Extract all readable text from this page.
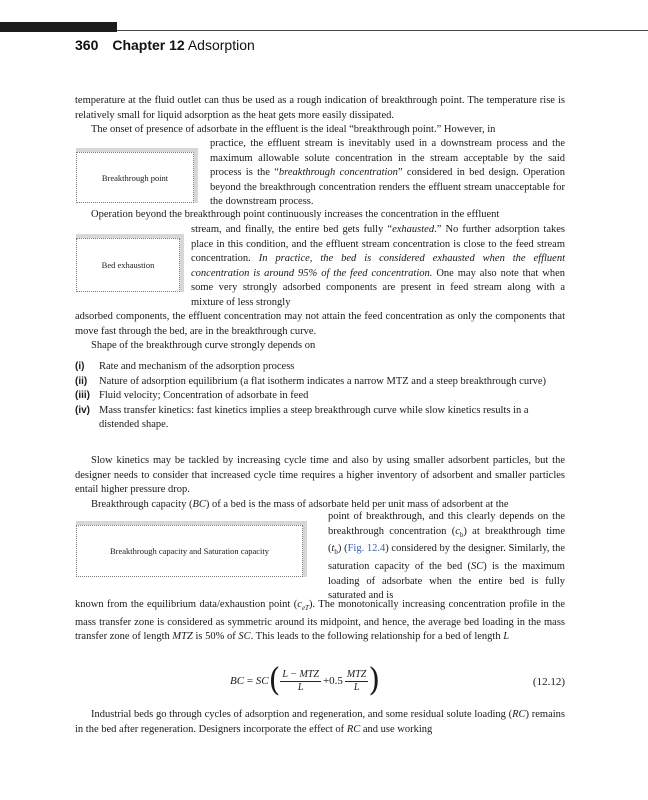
360 Chapter 12 Adsorption

temperature at the fluid outlet can thus be used as a rough indication of breakthrough point. The temperature rise is relatively small for liquid adsorption as the heat gets more easily dissipated.

The onset of presence of adsorbate in the effluent is the ideal “breakthrough point.” However, in

Breakthrough point
practice, the effluent stream is inevitably used in a downstream process and the maximum allowable solute concentration in the stream acceptable by the said process is the “breakthrough concentration” considered in bed design. Operation beyond the breakthrough concentration renders the effluent stream unacceptable for the downstream process.

Operation beyond the breakthrough point continuously increases the concentration in the effluent

Bed exhaustion
stream, and finally, the entire bed gets fully “exhausted.” No further adsorption takes place in this condition, and the effluent stream concentration is close to the feed stream concentration. In practice, the bed is considered exhausted when the effluent concentration is around 95% of the feed concentration. One may also note that when some very strongly adsorbed components are present in feed stream along with a mixture of less strongly

adsorbed components, the effluent concentration may not attain the feed concentration as only the components that move fast through the bed, are in the breakthrough curve.

Shape of the breakthrough curve strongly depends on

(i)	Rate and mechanism of the adsorption process
(ii)	Nature of adsorption equilibrium (a flat isotherm indicates a narrow MTZ and a steep breakthrough curve)
(iii) Fluid velocity; Concentration of adsorbate in feed
(iv) Mass transfer kinetics: fast kinetics implies a steep breakthrough curve while slow kinetics results in a distended shape.

Slow kinetics may be tackled by increasing cycle time and also by using smaller adsorbent particles, but the designer needs to consider that increased cycle time requires a higher inventory of adsorbent and smaller particles entail higher pressure drop.

Breakthrough capacity (BC) of a bed is the mass of adsorbate held per unit mass of adsorbent at the

Breakthrough capacity and Saturation capacity
point of breakthrough, and this clearly depends on the breakthrough concentration $(c_b)$ at breakthrough time $(t_b)$ (Fig. 12.4) considered by the designer. Similarly, the saturation capacity of the bed (SC) is the maximum loading of adsorbate when the entire bed is fully saturated and is
known from the equilibrium data/exhaustion point $(c_{eT})$. The monotonically increasing concentration profile in the mass transfer zone is considered as symmetric around its midpoint, and hence, the average bed loading in the mass transfer zone of length MTZ is 50% of SC. This leads to the following relationship for a bed of length L
BC = SC ( $\frac{\text{L − MTZ}}{L} +0.5 \frac{\text{MTZ}}{L}$ )	(12.12)

Industrial beds go through cycles of adsorption and regeneration, and some residual solute loading (RC) remains in the bed after regeneration. Designers incorporate the effect of RC and use working
